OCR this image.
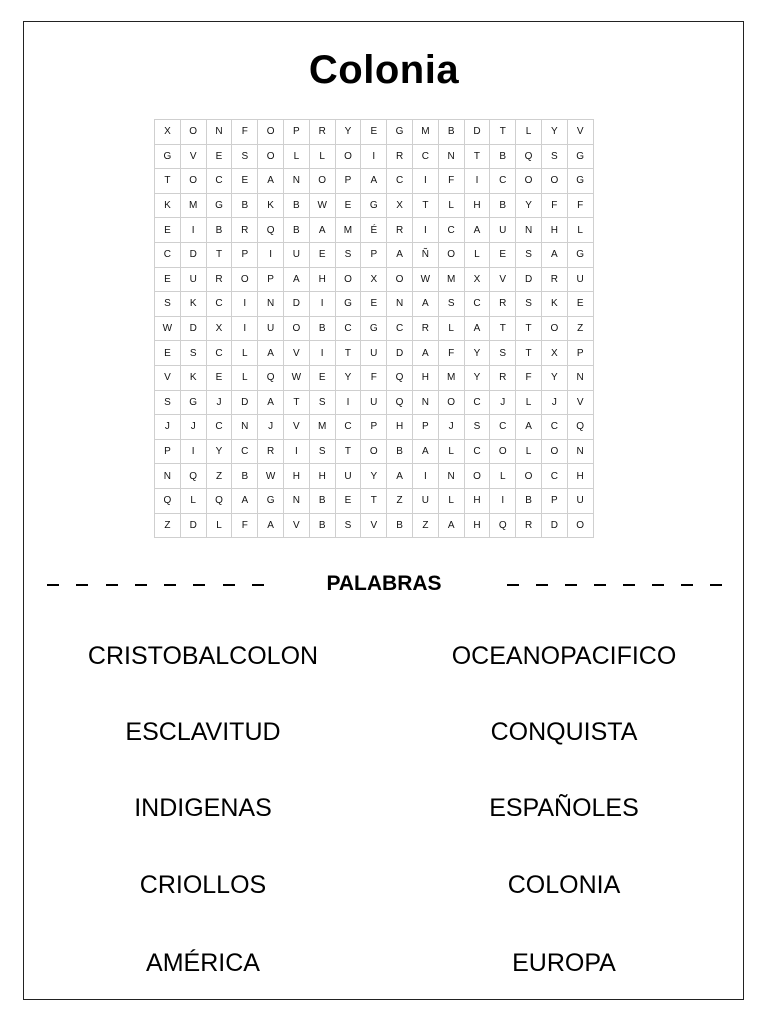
Colonia
X	O	N	F	O	P	R	Y	E	G	M	B	D	T	L	Y	V
G	V	E	S	O	L	L	O	I	R	C	N	T	B	Q	S	G
T	O	C	E	A	N	O	P	A	C	I	F	I	C	O	O	G
K	M	G	B	K	B	W	E	G	X	T	L	H	B	Y	F	F
E	I	B	R	Q	B	A	M	É	R	I	C	A	U	N	H	L
C	D	T	P	I	U	E	S	P	A	Ñ	O	L	E	S	A	G
E	U	R	O	P	A	H	O	X	O	W	M	X	V	D	R	U
S	K	C	I	N	D	I	G	E	N	A	S	C	R	S	K	E
W	D	X	I	U	O	B	C	G	C	R	L	A	T	T	O	Z
E	S	C	L	A	V	I	T	U	D	A	F	Y	S	T	X	P
V	K	E	L	Q	W	E	Y	F	Q	H	M	Y	R	F	Y	N
S	G	J	D	A	T	S	I	U	Q	N	O	C	J	L	J	V
J	J	C	N	J	V	M	C	P	H	P	J	S	C	A	C	Q
P	I	Y	C	R	I	S	T	O	B	A	L	C	O	L	O	N
N	Q	Z	B	W	H	H	U	Y	A	I	N	O	L	O	C	H
Q	L	Q	A	G	N	B	E	T	Z	U	L	H	I	B	P	U
Z	D	L	F	A	V	B	S	V	B	Z	A	H	Q	R	D	O
PALABRAS
CRISTOBALCOLON	OCEANOPACIFICO
ESCLAVITUD	CONQUISTA
INDIGENAS	ESPAÑOLES
CRIOLLOS	COLONIA
AMÉRICA	EUROPA
